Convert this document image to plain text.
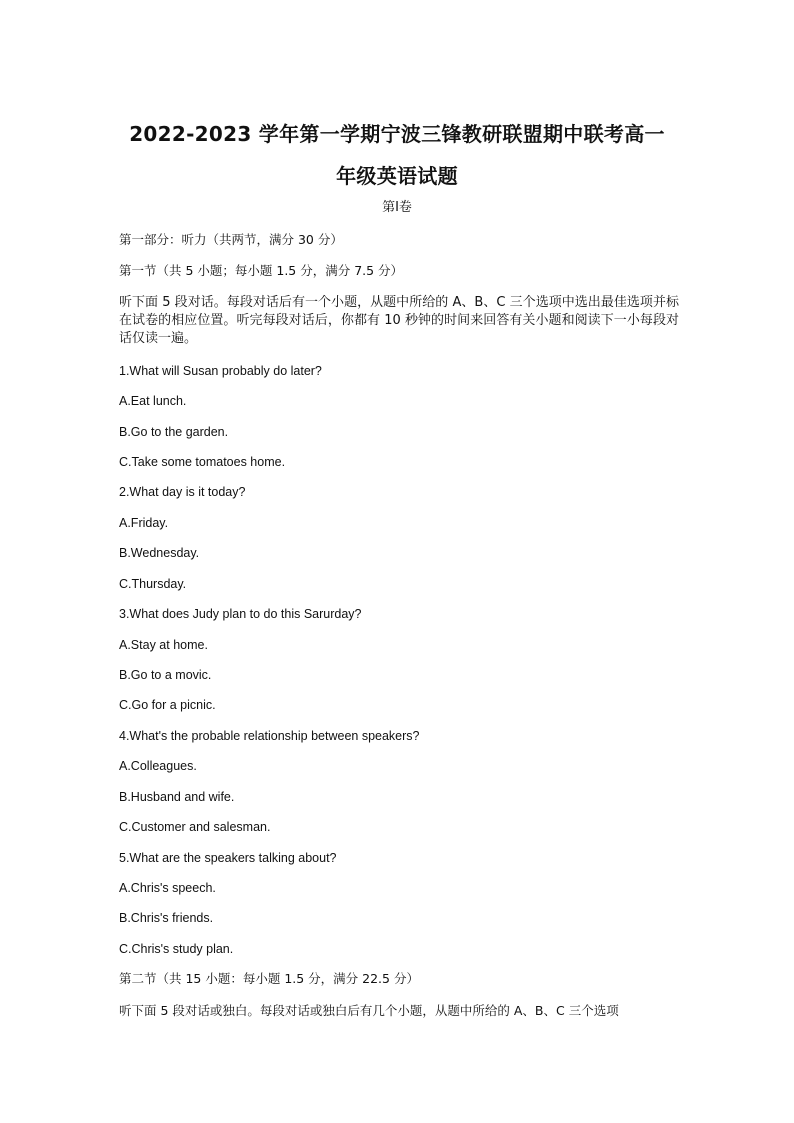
2022-2023 学年第一学期宁波三锋教研联盟期中联考高一
年级英语试题
第I卷
第一部分：听力（共两节，满分 30 分）
第一节（共 5 小题；每小题 1.5 分，满分 7.5 分）
听下面 5 段对话。每段对话后有一个小题，从题中所给的 A、B、C 三个选项中选出最佳选项并标在试卷的相应位置。听完每段对话后，你都有 10 秒钟的时间来回答有关小题和阅读下一小每段对话仅读一遍。
1.What will Susan probably do later?
A.Eat lunch.
B.Go to the garden.
C.Take some tomatoes home.
2.What day is it today?
A.Friday.
B.Wednesday.
C.Thursday.
3.What does Judy plan to do this Sarurday?
A.Stay at home.
B.Go to a movic.
C.Go for a picnic.
4.What's the probable relationship between speakers?
A.Colleagues.
B.Husband and wife.
C.Customer and salesman.
5.What are the speakers talking about?
A.Chris's speech.
B.Chris's friends.
C.Chris's study plan.
第二节（共 15 小题：每小题 1.5 分，满分 22.5 分）
听下面 5 段对话或独白。每段对话或独白后有几个小题，从题中所给的 A、B、C 三个选项
